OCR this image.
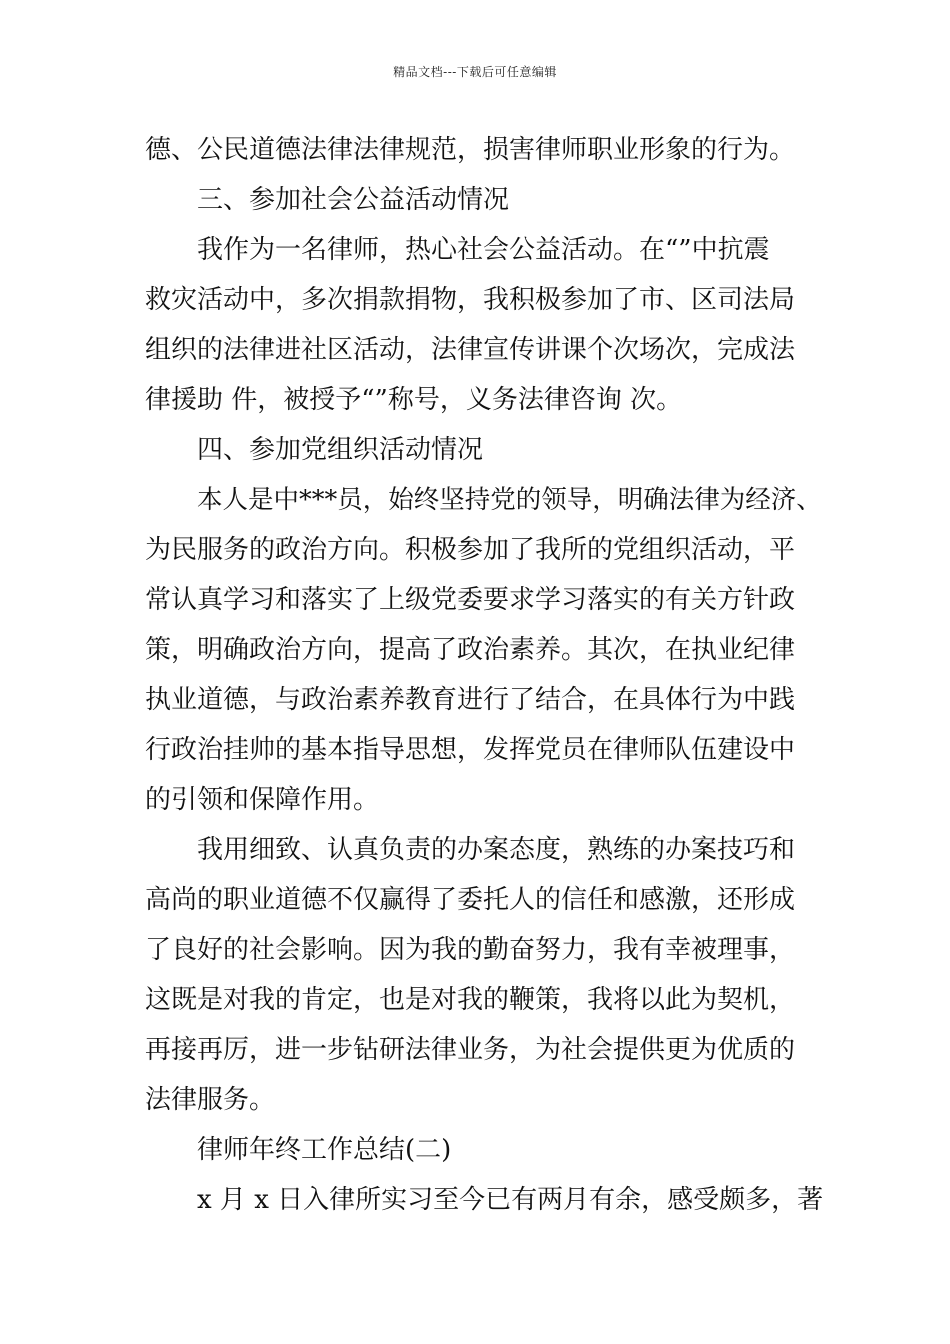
精品文档---下载后可任意编辑
德、公民道德法律法律规范，损害律师职业形象的行为。
三、参加社会公益活动情况
我作为一名律师，热心社会公益活动。在“”中抗震
救灾活动中，多次捐款捐物，我积极参加了市、区司法局
组织的法律进社区活动，法律宣传讲课个次场次，完成法
律援助 件，被授予“”称号，义务法律咨询 次。
四、参加党组织活动情况
本人是中***员，始终坚持党的领导，明确法律为经济、
为民服务的政治方向。积极参加了我所的党组织活动，平
常认真学习和落实了上级党委要求学习落实的有关方针政
策，明确政治方向，提高了政治素养。其次，在执业纪律
执业道德，与政治素养教育进行了结合，在具体行为中践
行政治挂帅的基本指导思想，发挥党员在律师队伍建设中
的引领和保障作用。
我用细致、认真负责的办案态度，熟练的办案技巧和
高尚的职业道德不仅赢得了委托人的信任和感激，还形成
了良好的社会影响。因为我的勤奋努力，我有幸被理事，
这既是对我的肯定，也是对我的鞭策，我将以此为契机，
再接再厉，进一步钻研法律业务，为社会提供更为优质的
法律服务。
律师年终工作总结(二)
x 月 x 日入律所实习至今已有两月有余，感受颇多，著
